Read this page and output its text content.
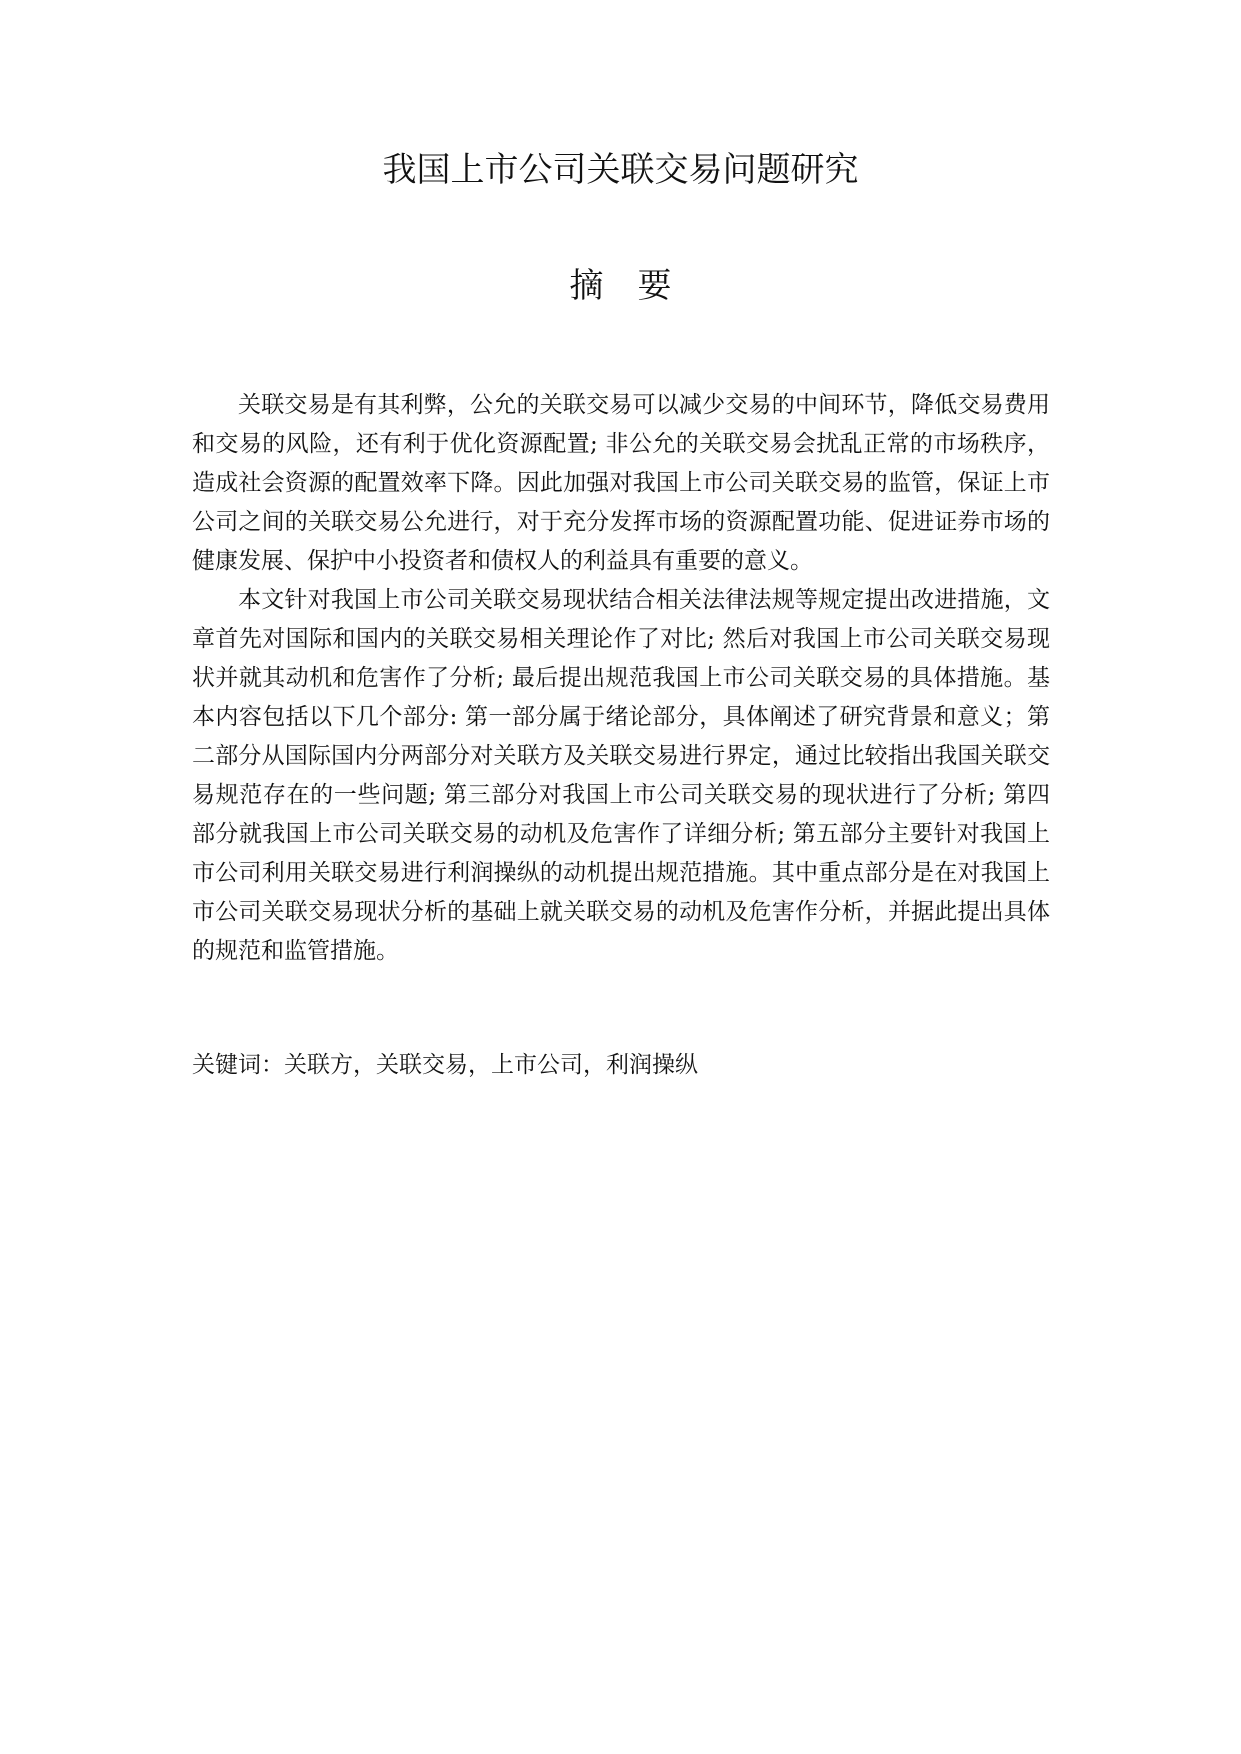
我国上市公司关联交易问题研究
摘要

关联交易是有其利弊，公允的关联交易可以减少交易的中间环节，降低交易费用和交易的风险，还有利于优化资源配置; 非公允的关联交易会扰乱正常的市场秩序，造成社会资源的配置效率下降。因此加强对我国上市公司关联交易的监管，保证上市公司之间的关联交易公允进行，对于充分发挥市场的资源配置功能、促进证券市场的健康发展、保护中小投资者和债权人的利益具有重要的意义。

本文针对我国上市公司关联交易现状结合相关法律法规等规定提出改进措施，文章首先对国际和国内的关联交易相关理论作了对比; 然后对我国上市公司关联交易现状并就其动机和危害作了分析; 最后提出规范我国上市公司关联交易的具体措施。基本内容包括以下几个部分: 第一部分属于绪论部分，具体阐述了研究背景和意义；第二部分从国际国内分两部分对关联方及关联交易进行界定，通过比较指出我国关联交易规范存在的一些问题; 第三部分对我国上市公司关联交易的现状进行了分析; 第四部分就我国上市公司关联交易的动机及危害作了详细分析; 第五部分主要针对我国上市公司利用关联交易进行利润操纵的动机提出规范措施。其中重点部分是在对我国上市公司关联交易现状分析的基础上就关联交易的动机及危害作分析，并据此提出具体的规范和监管措施。

关键词：关联方，关联交易，上市公司，利润操纵
